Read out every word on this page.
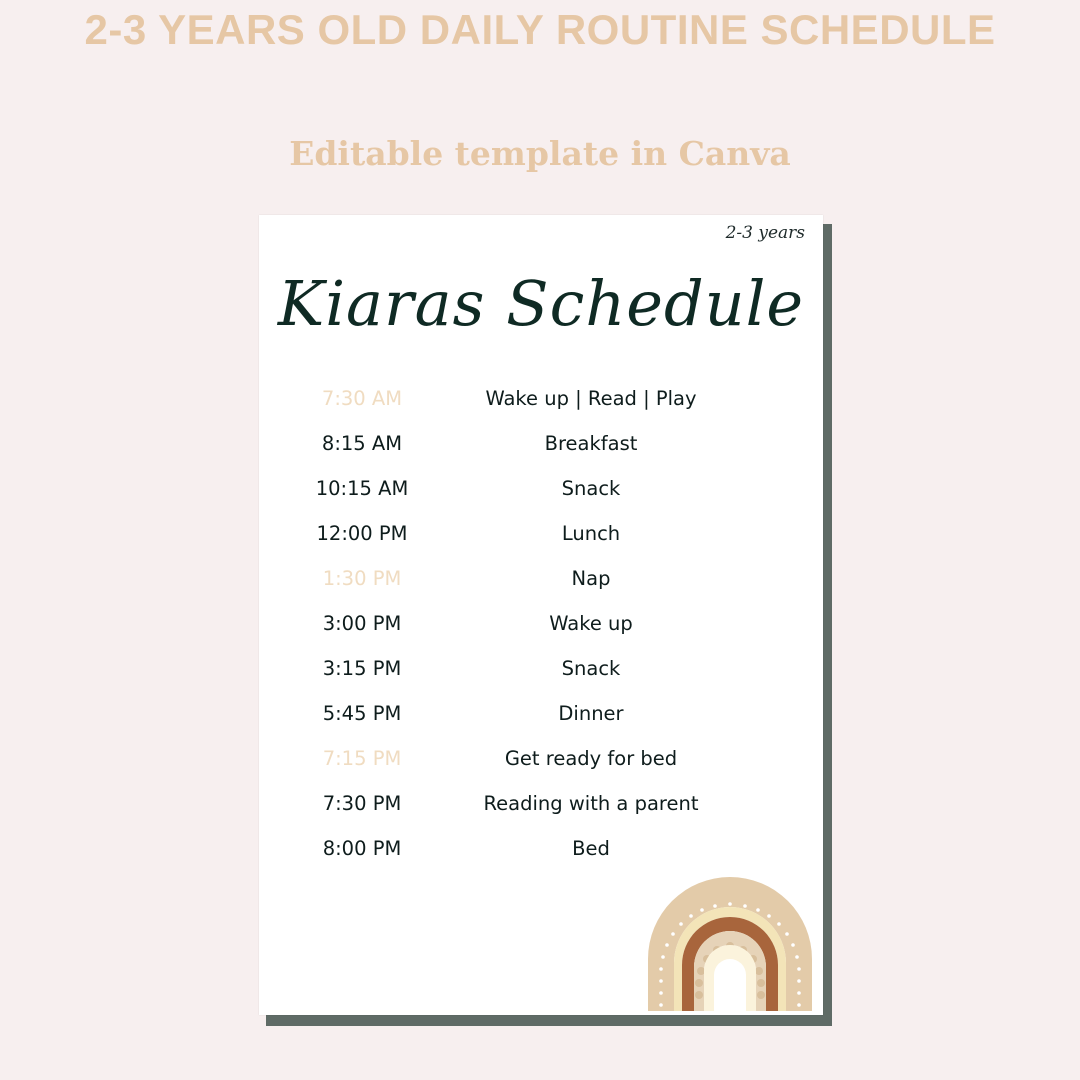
2-3 YEARS OLD DAILY ROUTINE SCHEDULE
Editable template in Canva
2-3 years
Kiaras Schedule
7:30 AM	Wake up | Read | Play
8:15 AM	Breakfast
10:15 AM	Snack
12:00 PM	Lunch
1:30 PM	Nap
3:00 PM	Wake up
3:15 PM	Snack
5:45 PM	Dinner
7:15 PM	Get ready for bed
7:30 PM	Reading with a parent
8:00 PM	Bed
